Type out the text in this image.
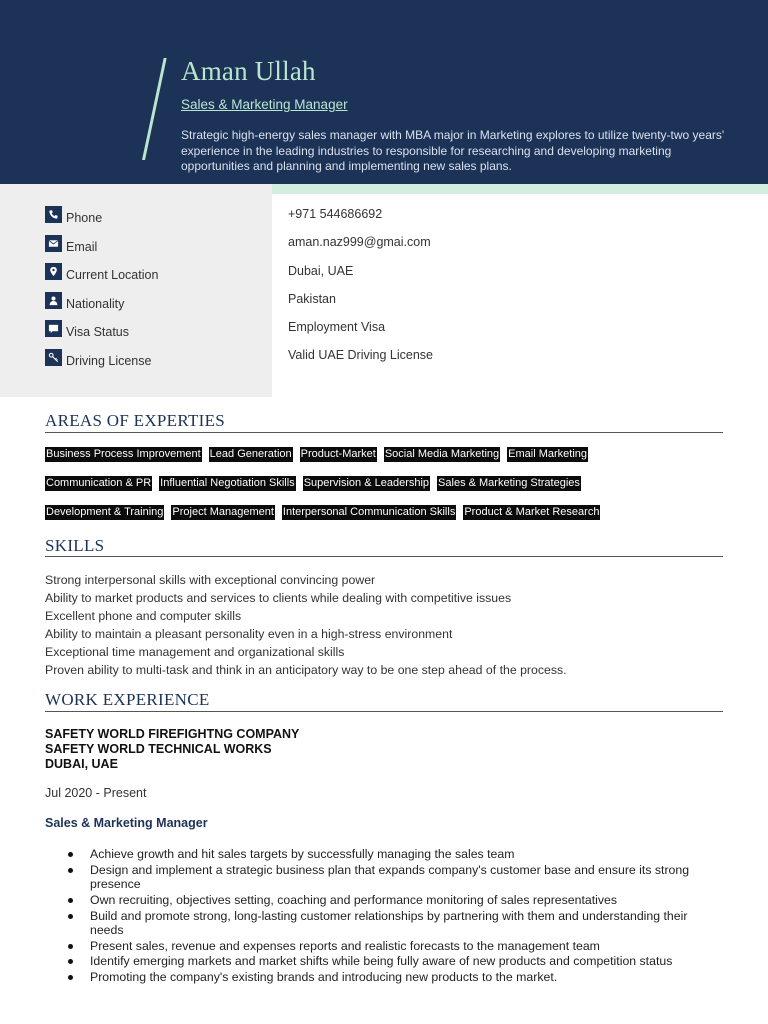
Aman Ullah
Sales & Marketing Manager
Strategic high-energy sales manager with MBA major in Marketing explores to utilize twenty-two years' experience in the leading industries to responsible for researching and developing marketing opportunities and planning and implementing new sales plans.
Phone
Email
Current Location
Nationality
Visa Status
Driving License
+971 544686692
aman.naz999@gmai.com
Dubai, UAE
Pakistan
Employment Visa
Valid UAE Driving License
AREAS OF EXPERTIES
Business Process Improvement Lead Generation Product-Market Social Media Marketing Email Marketing
Communication & PR Influential Negotiation Skills Supervision & Leadership Sales & Marketing Strategies
Development & Training Project Management Interpersonal Communication Skills Product & Market Research
SKILLS
Strong interpersonal skills with exceptional convincing power
Ability to market products and services to clients while dealing with competitive issues
Excellent phone and computer skills
Ability to maintain a pleasant personality even in a high-stress environment
Exceptional time management and organizational skills
Proven ability to multi-task and think in an anticipatory way to be one step ahead of the process.
WORK EXPERIENCE
SAFETY WORLD FIREFIGHTNG COMPANY
SAFETY WORLD TECHNICAL WORKS
DUBAI, UAE
Jul 2020 - Present
Sales & Marketing Manager
Achieve growth and hit sales targets by successfully managing the sales team
Design and implement a strategic business plan that expands company's customer base and ensure its strong presence
Own recruiting, objectives setting, coaching and performance monitoring of sales representatives
Build and promote strong, long-lasting customer relationships by partnering with them and understanding their needs
Present sales, revenue and expenses reports and realistic forecasts to the management team
Identify emerging markets and market shifts while being fully aware of new products and competition status
Promoting the company's existing brands and introducing new products to the market.
